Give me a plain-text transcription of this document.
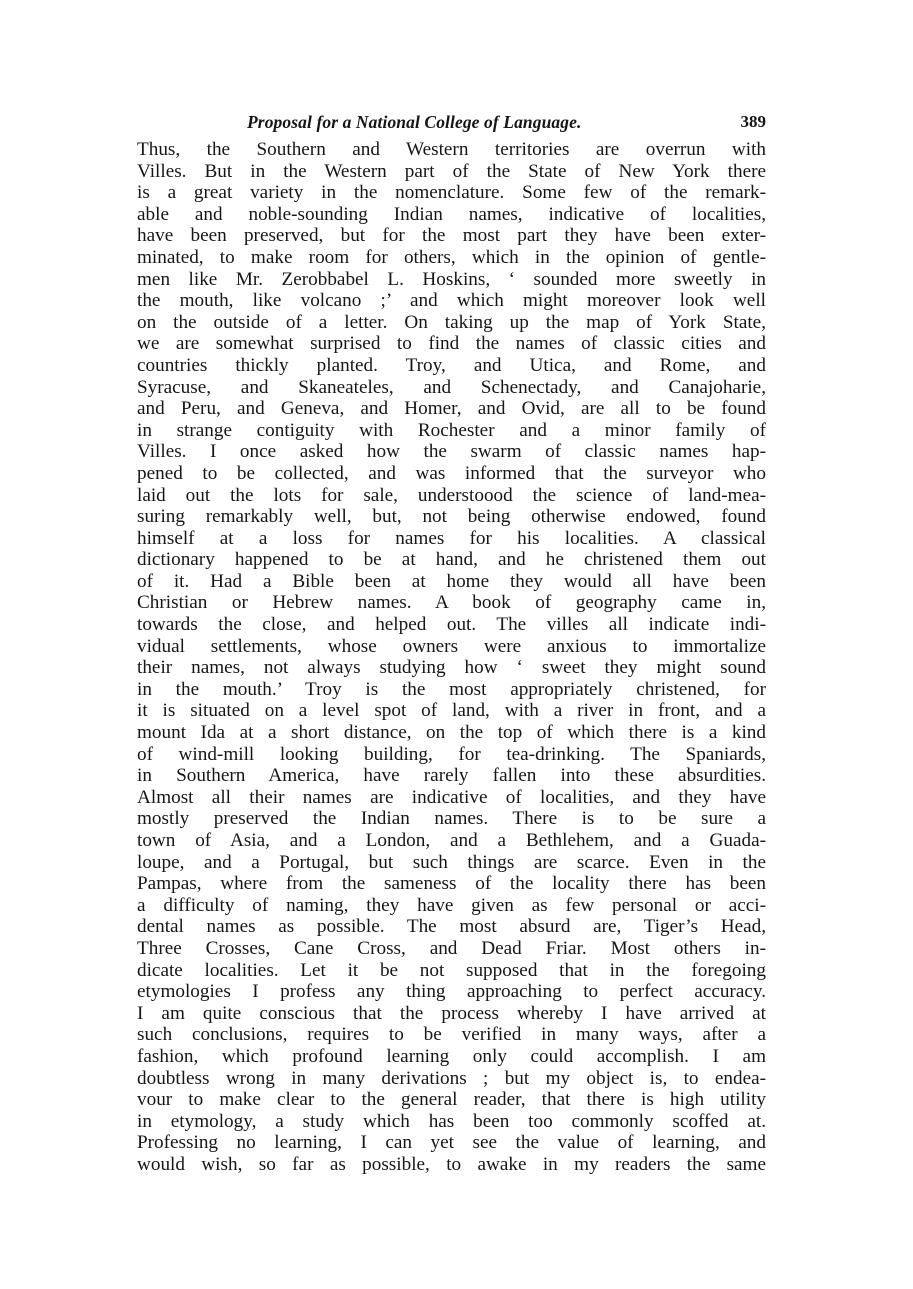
Proposal for a National College of Language.	389
Thus, the Southern and Western territories are overrun with
Villes. But in the Western part of the State of New York there
is a great variety in the nomenclature. Some few of the remark-
able and noble-sounding Indian names, indicative of localities,
have been preserved, but for the most part they have been exter-
minated, to make room for others, which in the opinion of gentle-
men like Mr. Zerobbabel L. Hoskins, ‘ sounded more sweetly in
the mouth, like volcano ;’ and which might moreover look well
on the outside of a letter. On taking up the map of York State,
we are somewhat surprised to find the names of classic cities and
countries thickly planted. Troy, and Utica, and Rome, and
Syracuse, and Skaneateles, and Schenectady, and Canajoharie,
and Peru, and Geneva, and Homer, and Ovid, are all to be found
in strange contiguity with Rochester and a minor family of
Villes. I once asked how the swarm of classic names hap-
pened to be collected, and was informed that the surveyor who
laid out the lots for sale, understoood the science of land-mea-
suring remarkably well, but, not being otherwise endowed, found
himself at a loss for names for his localities. A classical
dictionary happened to be at hand, and he christened them out
of it. Had a Bible been at home they would all have been
Christian or Hebrew names. A book of geography came in,
towards the close, and helped out. The villes all indicate indi-
vidual settlements, whose owners were anxious to immortalize
their names, not always studying how ‘ sweet they might sound
in the mouth.’ Troy is the most appropriately christened, for
it is situated on a level spot of land, with a river in front, and a
mount Ida at a short distance, on the top of which there is a kind
of wind-mill looking building, for tea-drinking. The Spaniards,
in Southern America, have rarely fallen into these absurdities.
Almost all their names are indicative of localities, and they have
mostly preserved the Indian names. There is to be sure a
town of Asia, and a London, and a Bethlehem, and a Guada-
loupe, and a Portugal, but such things are scarce. Even in the
Pampas, where from the sameness of the locality there has been
a difficulty of naming, they have given as few personal or acci-
dental names as possible. The most absurd are, Tiger’s Head,
Three Crosses, Cane Cross, and Dead Friar. Most others in-
dicate localities. Let it be not supposed that in the foregoing
etymologies I profess any thing approaching to perfect accuracy.
I am quite conscious that the process whereby I have arrived at
such conclusions, requires to be verified in many ways, after a
fashion, which profound learning only could accomplish. I am
doubtless wrong in many derivations ; but my object is, to endea-
vour to make clear to the general reader, that there is high utility
in etymology, a study which has been too commonly scoffed at.
Professing no learning, I can yet see the value of learning, and
would wish, so far as possible, to awake in my readers the same
